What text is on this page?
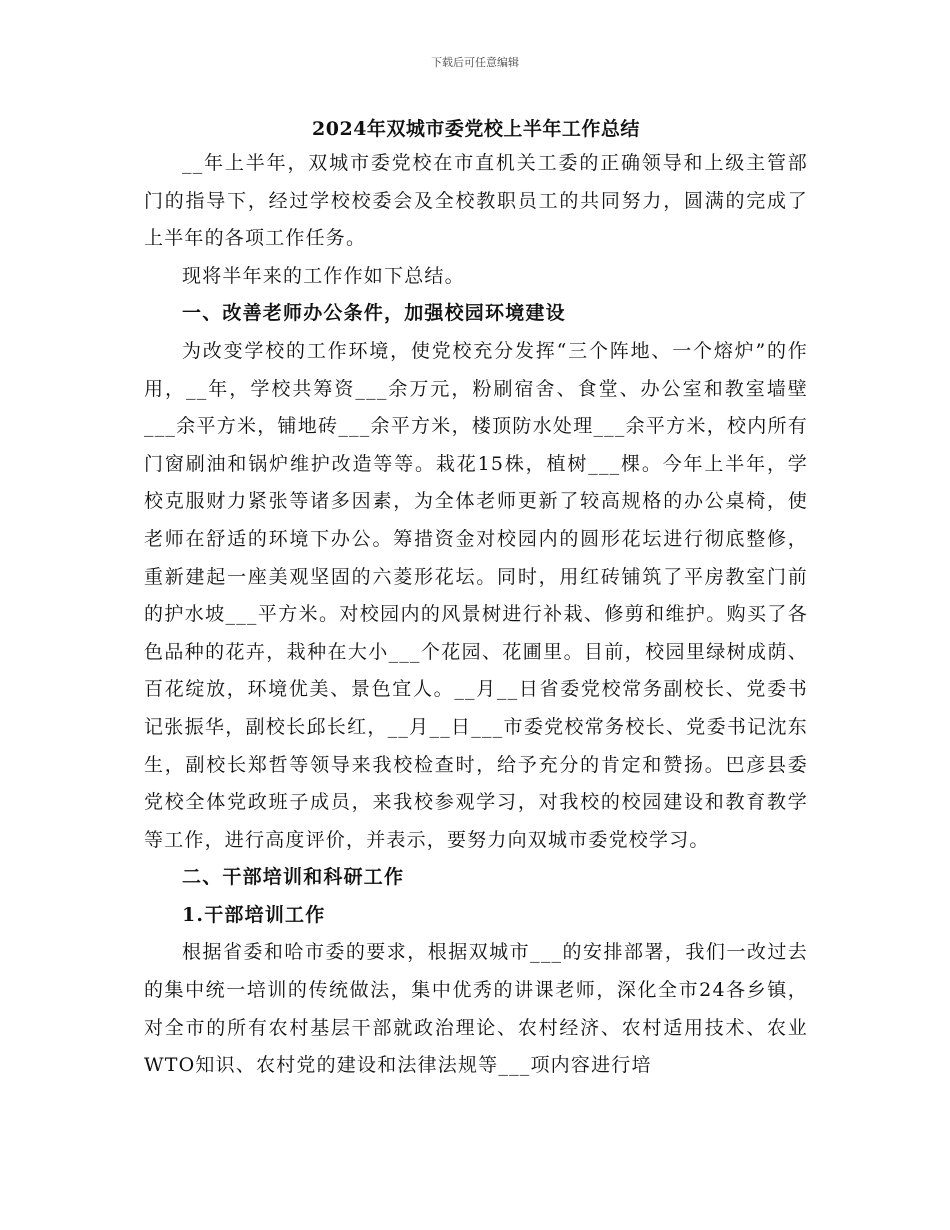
下载后可任意编辑
2024年双城市委党校上半年工作总结

__年上半年，双城市委党校在市直机关工委的正确领导和上级主管部门的指导下，经过学校校委会及全校教职员工的共同努力，圆满的完成了上半年的各项工作任务。

现将半年来的工作作如下总结。

一、改善老师办公条件，加强校园环境建设

为改变学校的工作环境，使党校充分发挥“三个阵地、一个熔炉”的作用，__年，学校共筹资___余万元，粉刷宿舍、食堂、办公室和教室墙壁___余平方米，铺地砖___余平方米，楼顶防水处理___余平方米，校内所有门窗刷油和锅炉维护改造等等。栽花15株，植树___棵。今年上半年，学校克服财力紧张等诸多因素，为全体老师更新了较高规格的办公桌椅，使老师在舒适的环境下办公。筹措资金对校园内的圆形花坛进行彻底整修，重新建起一座美观坚固的六菱形花坛。同时，用红砖铺筑了平房教室门前的护水坡___平方米。对校园内的风景树进行补栽、修剪和维护。购买了各色品种的花卉，栽种在大小___个花园、花圃里。目前，校园里绿树成荫、百花绽放，环境优美、景色宜人。__月__日省委党校常务副校长、党委书记张振华，副校长邱长红，__月__日___市委党校常务校长、党委书记沈东生，副校长郑哲等领导来我校检查时，给予充分的肯定和赞扬。巴彦县委党校全体党政班子成员，来我校参观学习，对我校的校园建设和教育教学等工作，进行高度评价，并表示，要努力向双城市委党校学习。

二、干部培训和科研工作

1.干部培训工作

根据省委和哈市委的要求，根据双城市___的安排部署，我们一改过去的集中统一培训的传统做法，集中优秀的讲课老师，深化全市24各乡镇，对全市的所有农村基层干部就政治理论、农村经济、农村适用技术、农业WTO知识、农村党的建设和法律法规等___项内容进行培
